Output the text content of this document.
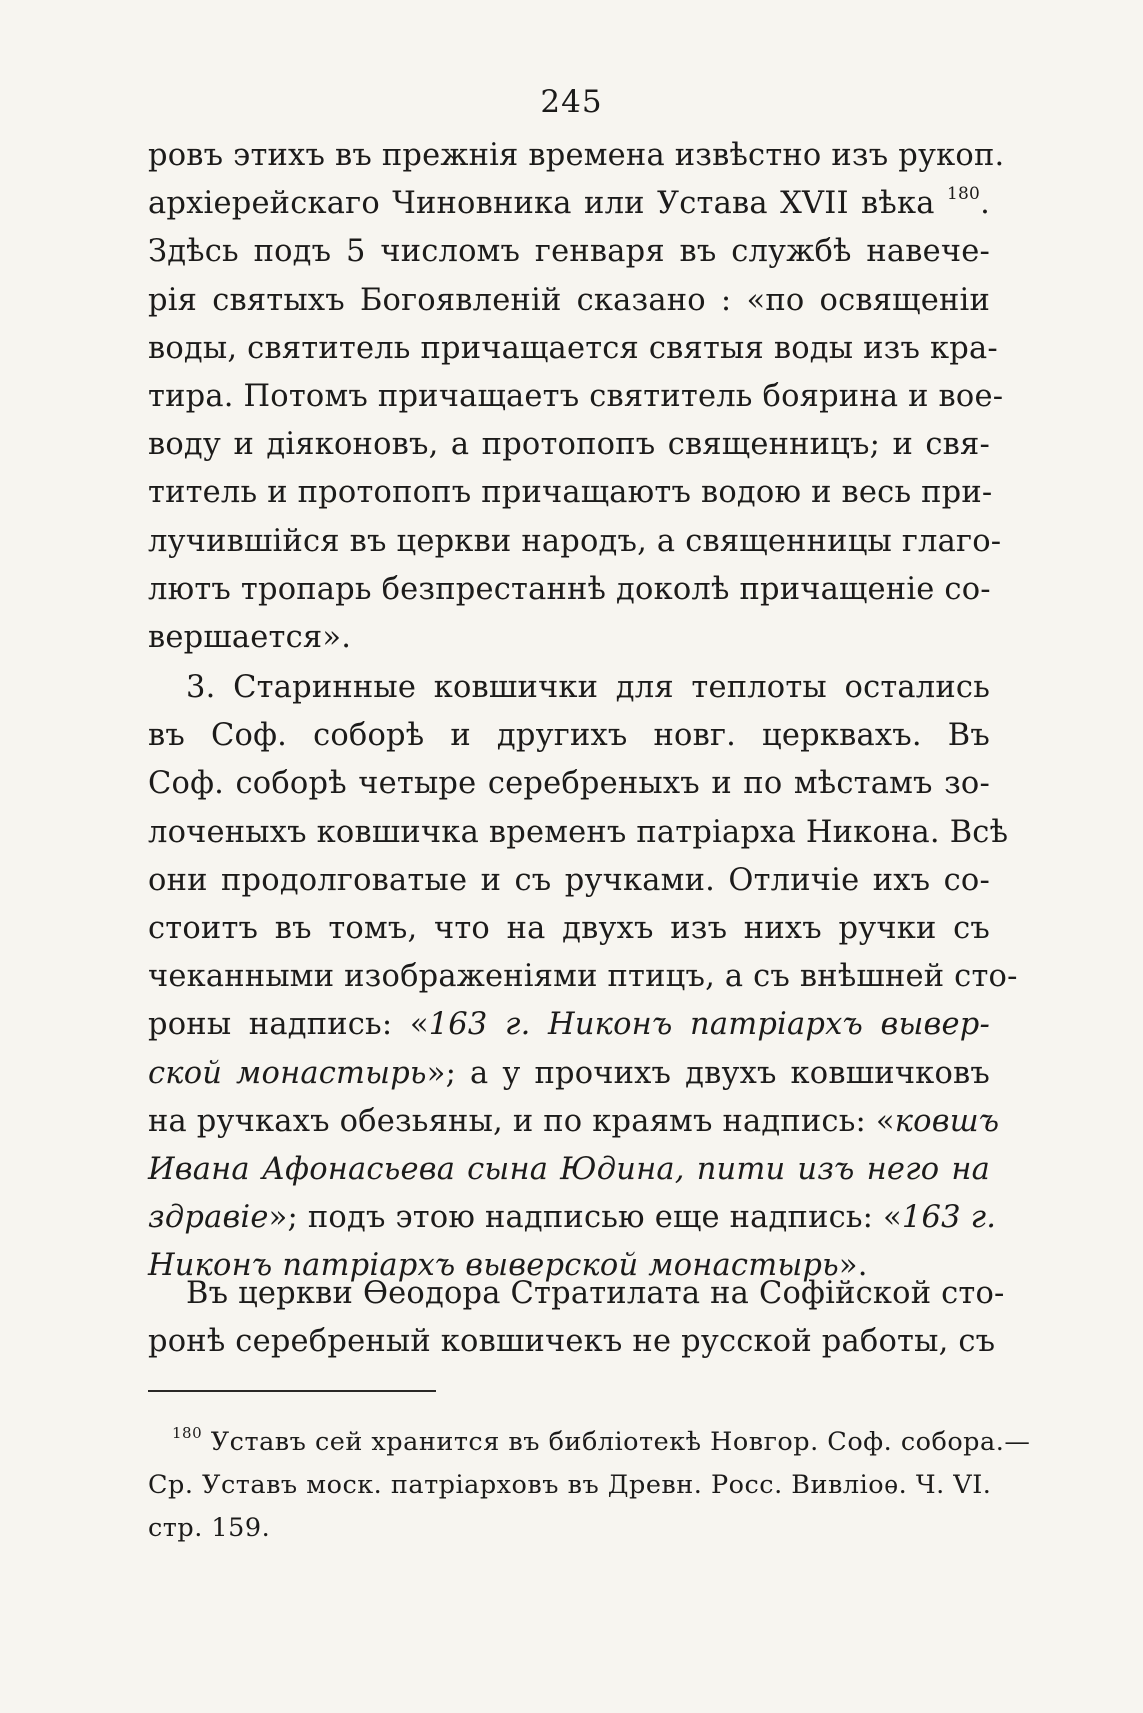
245
ровъ этихъ въ прежнія времена извѣстно изъ рукоп.
архіерейскаго Чиновника или Устава XVII вѣка $^{180}$.
Здѣсь подъ 5 числомъ генваря въ службѣ навече-
рія святыхъ Богоявленій сказано : «по освященіи
воды, святитель причащается святыя воды изъ кра-
тира. Потомъ причащаетъ святитель боярина и вое-
воду и діяконовъ, а протопопъ священницъ; и свя-
титель и протопопъ причащаютъ водою и весь при-
лучившійся въ церкви народъ, а священницы глаго-
лютъ тропарь безпрестаннѣ доколѣ причащеніе со-
вершается».
3. Старинные ковшички для теплоты остались
въ Соф. соборѣ и другихъ новг. церквахъ. Въ
Соф. соборѣ четыре серебреныхъ и по мѣстамъ зо-
лоченыхъ ковшичка временъ патріарха Никона. Всѣ
они продолговатые и съ ручками. Отличіе ихъ со-
стоитъ въ томъ, что на двухъ изъ нихъ ручки съ
чеканными изображеніями птицъ, а съ внѣшней сто-
роны надпись: «163 г. Никонъ патріархъ вывер-
ской монастырь»; а у прочихъ двухъ ковшичковъ
на ручкахъ обезьяны, и по краямъ надпись: «ковшъ
Ивана Афонасьева сына Юдина, пити изъ него на
здравіе»; подъ этою надписью еще надпись: «163 г.
Никонъ патріархъ выверской монастырь».
Въ церкви Ѳеодора Стратилата на Софійской сто-
ронѣ серебреный ковшичекъ не русской работы, съ
$^{180}$ Уставъ сей хранится въ библіотекѣ Новгор. Соф. собора.—
Ср. Уставъ моск. патріарховъ въ Древн. Росс. Вивліоѳ. Ч. VI.
стр. 159.
